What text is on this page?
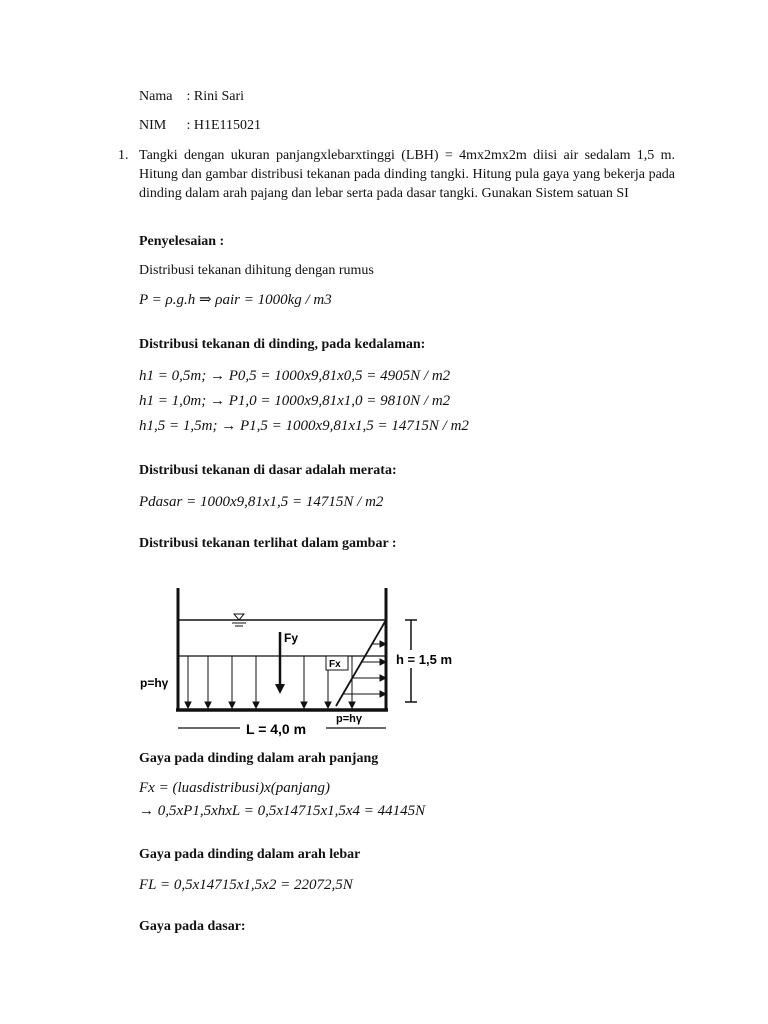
Nama : Rini Sari
NIM : H1E115021
1. Tangki dengan ukuran panjangxlebarxtinggi (LBH) = 4mx2mx2m diisi air sedalam 1,5 m. Hitung dan gambar distribusi tekanan pada dinding tangki. Hitung pula gaya yang bekerja pada dinding dalam arah pajang dan lebar serta pada dasar tangki. Gunakan Sistem satuan SI
Penyelesaian :
Distribusi tekanan dihitung dengan rumus
P = ρ.g.h ⇒ ρair = 1000kg / m3
Distribusi tekanan di dinding, pada kedalaman:
h1 = 0,5m; → P0,5 = 1000x9,81x0,5 = 4905N / m2
h1 = 1,0m; → P1,0 = 1000x9,81x1,0 = 9810N / m2
h1,5 = 1,5m; → P1,5 = 1000x9,81x1,5 = 14715N / m2
Distribusi tekanan di dasar adalah merata:
Pdasar = 1000x9,81x1,5 = 14715N / m2
Distribusi tekanan terlihat dalam gambar :
Fy
Fx	h = 1,5 m
p=hγ
p=hγ
L = 4,0 m
Gaya pada dinding dalam arah panjang
Fx = (luasdistribusi)x(panjang)
→ 0,5xP1,5xhxL = 0,5x14715x1,5x4 = 44145N
Gaya pada dinding dalam arah lebar
FL = 0,5x14715x1,5x2 = 22072,5N
Gaya pada dasar:
